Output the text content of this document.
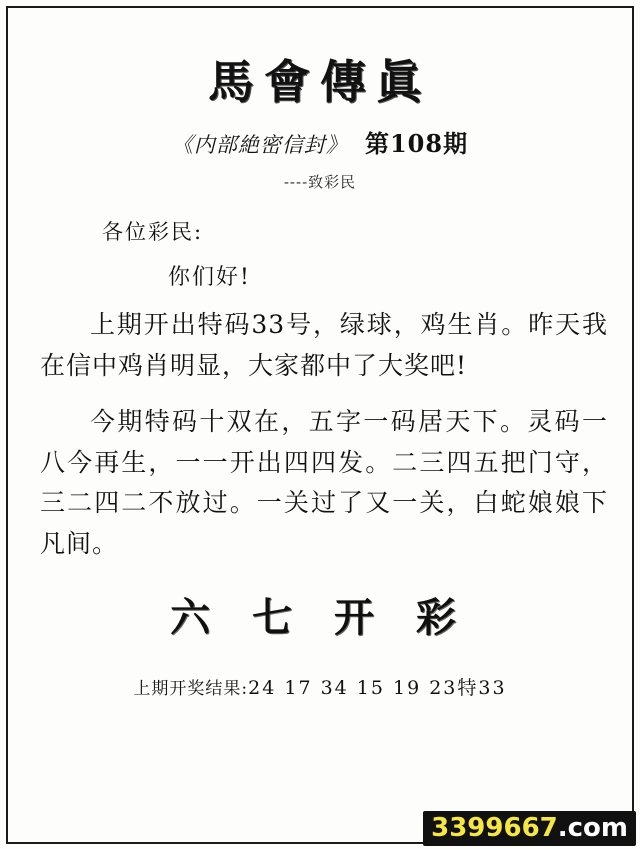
馬會傳眞
《内部絶密信封》 第108期
----致彩民
各位彩民:
你们好!
上期开出特码33号，绿球，鸡生肖。昨天我在信中鸡肖明显，大家都中了大奖吧!
今期特码十双在，五字一码居天下。灵码一八今再生，一一开出四四发。二三四五把门守，三二四二不放过。一关过了又一关，白蛇娘娘下凡间。
六 七 开 彩
上期开奖结果:24 17 34 15 19 23特33
3399667.com
